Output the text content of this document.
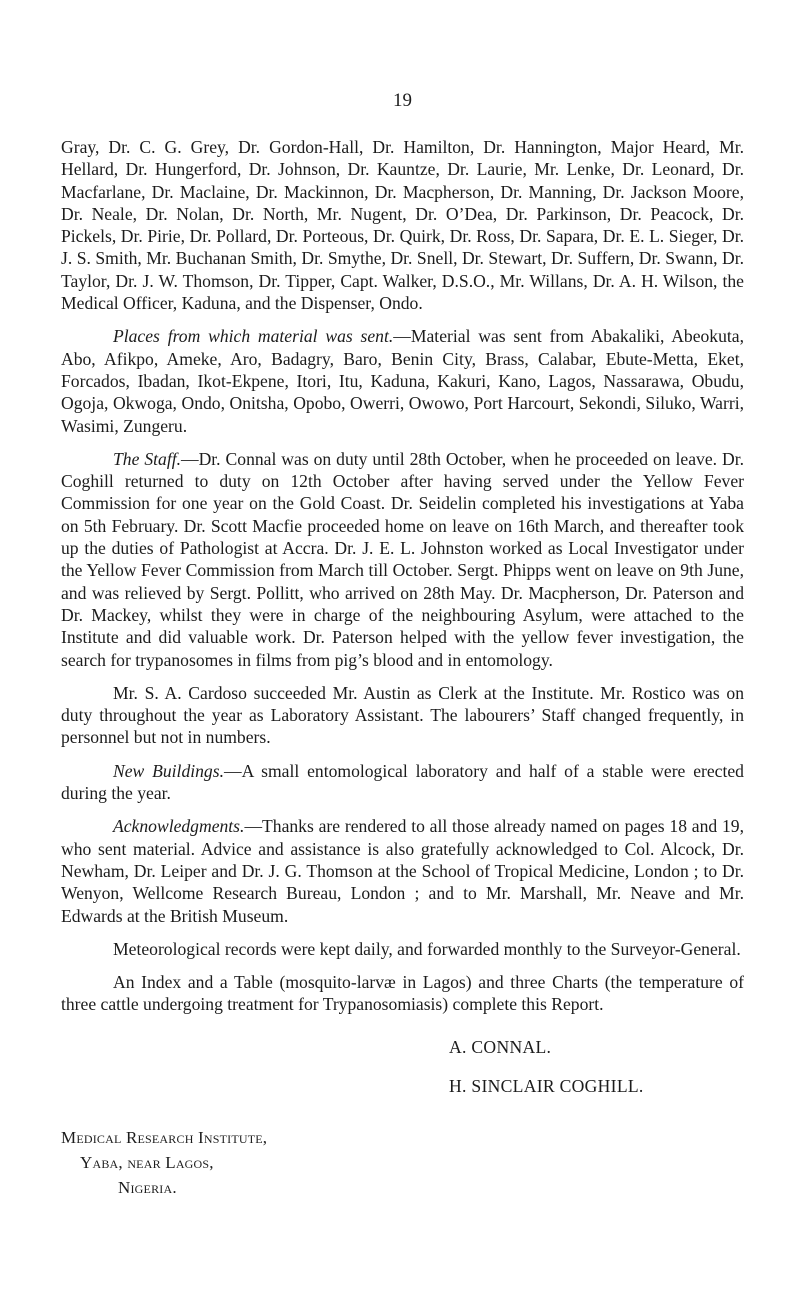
19

Gray, Dr. C. G. Grey, Dr. Gordon-Hall, Dr. Hamilton, Dr. Hannington, Major Heard, Mr. Hellard, Dr. Hungerford, Dr. Johnson, Dr. Kauntze, Dr. Laurie, Mr. Lenke, Dr. Leonard, Dr. Macfarlane, Dr. Maclaine, Dr. Mackinnon, Dr. Macpherson, Dr. Manning, Dr. Jackson Moore, Dr. Neale, Dr. Nolan, Dr. North, Mr. Nugent, Dr. O’Dea, Dr. Parkinson, Dr. Peacock, Dr. Pickels, Dr. Pirie, Dr. Pollard, Dr. Porteous, Dr. Quirk, Dr. Ross, Dr. Sapara, Dr. E. L. Sieger, Dr. J. S. Smith, Mr. Buchanan Smith, Dr. Smythe, Dr. Snell, Dr. Stewart, Dr. Suffern, Dr. Swann, Dr. Taylor, Dr. J. W. Thomson, Dr. Tipper, Capt. Walker, D.S.O., Mr. Willans, Dr. A. H. Wilson, the Medical Officer, Kaduna, and the Dispenser, Ondo.

Places from which material was sent.—Material was sent from Abakaliki, Abeokuta, Abo, Afikpo, Ameke, Aro, Badagry, Baro, Benin City, Brass, Calabar, Ebute-Metta, Eket, Forcados, Ibadan, Ikot-Ekpene, Itori, Itu, Kaduna, Kakuri, Kano, Lagos, Nassarawa, Obudu, Ogoja, Okwoga, Ondo, Onitsha, Opobo, Owerri, Owowo, Port Harcourt, Sekondi, Siluko, Warri, Wasimi, Zungeru.

The Staff.—Dr. Connal was on duty until 28th October, when he proceeded on leave. Dr. Coghill returned to duty on 12th October after having served under the Yellow Fever Commission for one year on the Gold Coast. Dr. Seidelin completed his investigations at Yaba on 5th February. Dr. Scott Macfie proceeded home on leave on 16th March, and thereafter took up the duties of Pathologist at Accra. Dr. J. E. L. Johnston worked as Local Investigator under the Yellow Fever Commission from March till October. Sergt. Phipps went on leave on 9th June, and was relieved by Sergt. Pollitt, who arrived on 28th May. Dr. Macpherson, Dr. Paterson and Dr. Mackey, whilst they were in charge of the neighbouring Asylum, were attached to the Institute and did valuable work. Dr. Paterson helped with the yellow fever investigation, the search for trypanosomes in films from pig’s blood and in entomology.

Mr. S. A. Cardoso succeeded Mr. Austin as Clerk at the Institute. Mr. Rostico was on duty throughout the year as Laboratory Assistant. The labourers’ Staff changed frequently, in personnel but not in numbers.

New Buildings.—A small entomological laboratory and half of a stable were erected during the year.

Acknowledgments.—Thanks are rendered to all those already named on pages 18 and 19, who sent material. Advice and assistance is also gratefully acknowledged to Col. Alcock, Dr. Newham, Dr. Leiper and Dr. J. G. Thomson at the School of Tropical Medicine, London ; to Dr. Wenyon, Wellcome Research Bureau, London ; and to Mr. Marshall, Mr. Neave and Mr. Edwards at the British Museum.

Meteorological records were kept daily, and forwarded monthly to the Surveyor-General.

An Index and a Table (mosquito-larvæ in Lagos) and three Charts (the temperature of three cattle undergoing treatment for Trypanosomiasis) complete this Report.

A. CONNAL.
H. SINCLAIR COGHILL.
Medical Research Institute,
Yaba, near Lagos,
Nigeria.
